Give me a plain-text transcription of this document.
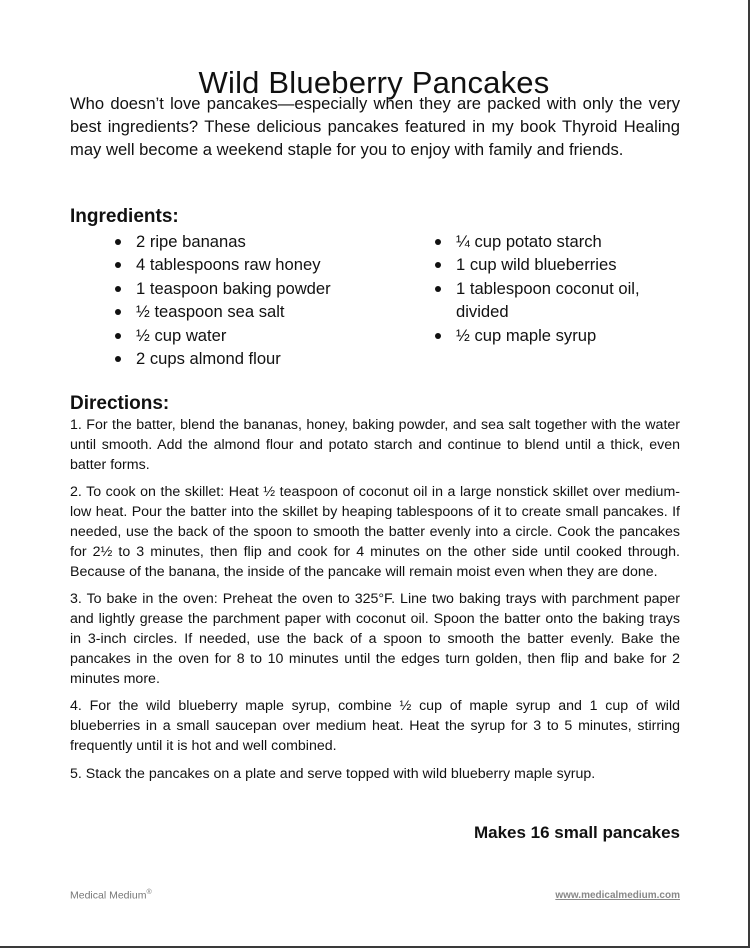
Wild Blueberry Pancakes

Who doesn’t love pancakes—especially when they are packed with only the very best ingredients? These delicious pancakes featured in my book Thyroid Healing may well become a weekend staple for you to enjoy with family and friends.

Ingredients:
2 ripe bananas
4 tablespoons raw honey
1 teaspoon baking powder
½ teaspoon sea salt
½ cup water
2 cups almond flour
¼ cup potato starch
1 cup wild blueberries
1 tablespoon coconut oil, divided
½ cup maple syrup
Directions:

1. For the batter, blend the bananas, honey, baking powder, and sea salt together with the water until smooth. Add the almond flour and potato starch and continue to blend until a thick, even batter forms.

2. To cook on the skillet: Heat ½ teaspoon of coconut oil in a large nonstick skillet over medium-low heat. Pour the batter into the skillet by heaping tablespoons of it to create small pancakes. If needed, use the back of the spoon to smooth the batter evenly into a circle. Cook the pancakes for 2½ to 3 minutes, then flip and cook for 4 minutes on the other side until cooked through. Because of the banana, the inside of the pancake will remain moist even when they are done.

3. To bake in the oven: Preheat the oven to 325°F. Line two baking trays with parchment paper and lightly grease the parchment paper with coconut oil. Spoon the batter onto the baking trays in 3-inch circles. If needed, use the back of a spoon to smooth the batter evenly. Bake the pancakes in the oven for 8 to 10 minutes until the edges turn golden, then flip and bake for 2 minutes more.

4. For the wild blueberry maple syrup, combine ½ cup of maple syrup and 1 cup of wild blueberries in a small saucepan over medium heat. Heat the syrup for 3 to 5 minutes, stirring frequently until it is hot and well combined.

5. Stack the pancakes on a plate and serve topped with wild blueberry maple syrup.

Makes 16 small pancakes
Medical Medium®	www.medicalmedium.com
